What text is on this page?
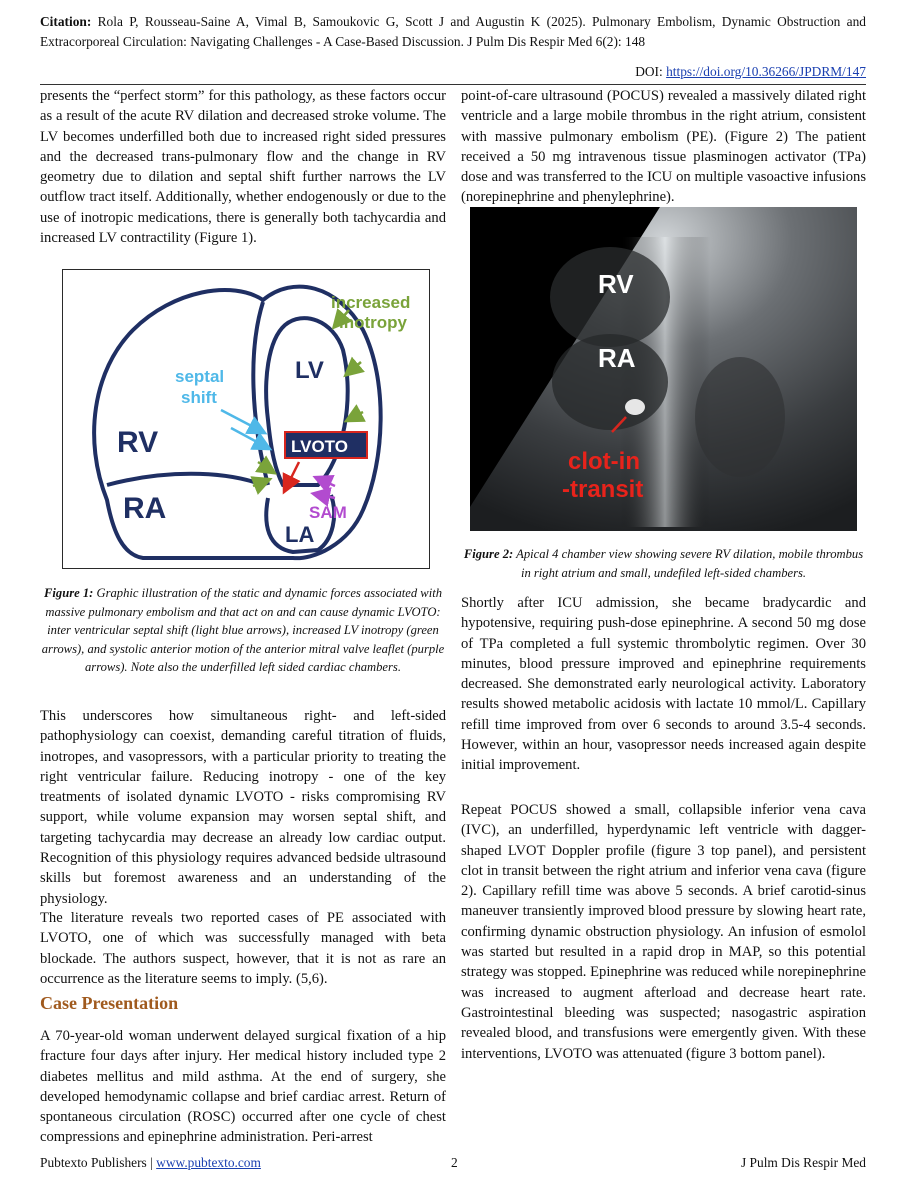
Citation: Rola P, Rousseau-Saine A, Vimal B, Samoukovic G, Scott J and Augustin K (2025). Pulmonary Embolism, Dynamic Obstruction and Extracorporeal Circulation: Navigating Challenges - A Case-Based Discussion. J Pulm Dis Respir Med 6(2): 148
DOI: https://doi.org/10.36266/JPDRM/147

presents the “perfect storm” for this pathology, as these factors occur as a result of the acute RV dilation and decreased stroke volume. The LV becomes underfilled both due to increased right sided pressures and the decreased trans-pulmonary flow and the change in RV geometry due to dilation and septal shift further narrows the LV outflow tract itself. Additionally, whether endogenously or due to the use of inotropic medications, there is generally both tachycardia and increased LV contractility (Figure 1).

increased
inotropy
septal
shift
LV
RV
RA
LA
LVOTO
SAM
Figure 1: Graphic illustration of the static and dynamic forces associated with massive pulmonary embolism and that act on and can cause dynamic LVOTO: inter ventricular septal shift (light blue arrows), increased LV inotropy (green arrows), and systolic anterior motion of the anterior mitral valve leaflet (purple arrows). Note also the underfilled left sided cardiac chambers.

This underscores how simultaneous right- and left-sided pathophysiology can coexist, demanding careful titration of fluids, inotropes, and vasopressors, with a particular priority to treating the right ventricular failure. Reducing inotropy - one of the key treatments of isolated dynamic LVOTO - risks compromising RV support, while volume expansion may worsen septal shift, and targeting tachycardia may decrease an already low cardiac output. Recognition of this physiology requires advanced bedside ultrasound skills but foremost awareness and an understanding of the physiology.

The literature reveals two reported cases of PE associated with LVOTO, one of which was successfully managed with beta blockade. The authors suspect, however, that it is not as rare an occurrence as the literature seems to imply. (5,6).

Case Presentation

A 70-year-old woman underwent delayed surgical fixation of a hip fracture four days after injury. Her medical history included type 2 diabetes mellitus and mild asthma. At the end of surgery, she developed hemodynamic collapse and brief cardiac arrest. Return of spontaneous circulation (ROSC) occurred after one cycle of chest compressions and epinephrine administration. Peri-arrest

point-of-care ultrasound (POCUS) revealed a massively dilated right ventricle and a large mobile thrombus in the right atrium, consistent with massive pulmonary embolism (PE). (Figure 2) The patient received a 50 mg intravenous tissue plasminogen activator (TPa) dose and was transferred to the ICU on multiple vasoactive infusions (norepinephrine and phenylephrine).

RV
RA
clot-in
-transit
Figure 2: Apical 4 chamber view showing severe RV dilation, mobile thrombus in right atrium and small, undefiled left-sided chambers.

Shortly after ICU admission, she became bradycardic and hypotensive, requiring push-dose epinephrine. A second 50 mg dose of TPa completed a full systemic thrombolytic regimen. Over 30 minutes, blood pressure improved and epinephrine requirements decreased. She demonstrated early neurological activity. Laboratory results showed metabolic acidosis with lactate 10 mmol/L. Capillary refill time improved from over 6 seconds to around 3.5-4 seconds. However, within an hour, vasopressor needs increased again despite initial improvement.

Repeat POCUS showed a small, collapsible inferior vena cava (IVC), an underfilled, hyperdynamic left ventricle with dagger-shaped LVOT Doppler profile (figure 3 top panel), and persistent clot in transit between the right atrium and inferior vena cava (figure 2). Capillary refill time was above 5 seconds. A brief carotid-sinus maneuver transiently improved blood pressure by slowing heart rate, confirming dynamic obstruction physiology. An infusion of esmolol was started but resulted in a rapid drop in MAP, so this potential strategy was stopped. Epinephrine was reduced while norepinephrine was increased to augment afterload and decrease heart rate. Gastrointestinal bleeding was suspected; nasogastric aspiration revealed blood, and transfusions were emergently given. With these interventions, LVOTO was attenuated (figure 3 bottom panel).

Pubtexto Publishers | www.pubtexto.com	2	J Pulm Dis Respir Med
